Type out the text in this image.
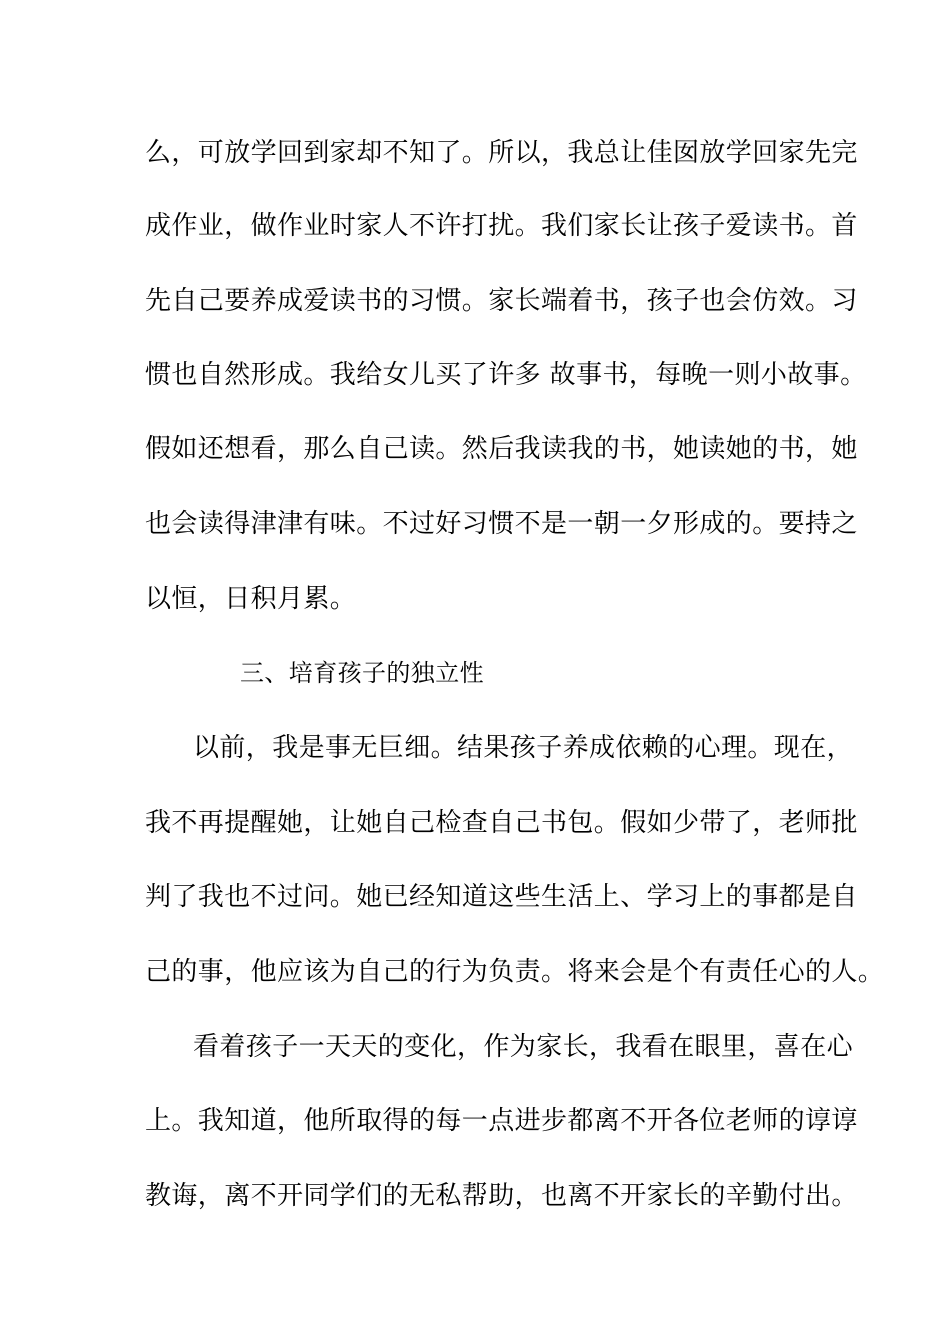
么，可放学回到家却不知了。所以，我总让佳囡放学回家先完
成作业，做作业时家人不许打扰。我们家长让孩子爱读书。首
先自己要养成爱读书的习惯。家长端着书，孩子也会仿效。习
惯也自然形成。我给女儿买了许多 故事书，每晚一则小故事。
假如还想看，那么自己读。然后我读我的书，她读她的书，她
也会读得津津有味。不过好习惯不是一朝一夕形成的。要持之
以恒，日积月累。
三、培育孩子的独立性
以前，我是事无巨细。结果孩子养成依赖的心理。现在，
我不再提醒她，让她自己检查自己书包。假如少带了，老师批
判了我也不过问。她已经知道这些生活上、学习上的事都是自
己的事，他应该为自己的行为负责。将来会是个有责任心的人。
看着孩子一天天的变化，作为家长，我看在眼里，喜在心
上。我知道，他所取得的每一点进步都离不开各位老师的谆谆
教诲，离不开同学们的无私帮助，也离不开家长的辛勤付出。
